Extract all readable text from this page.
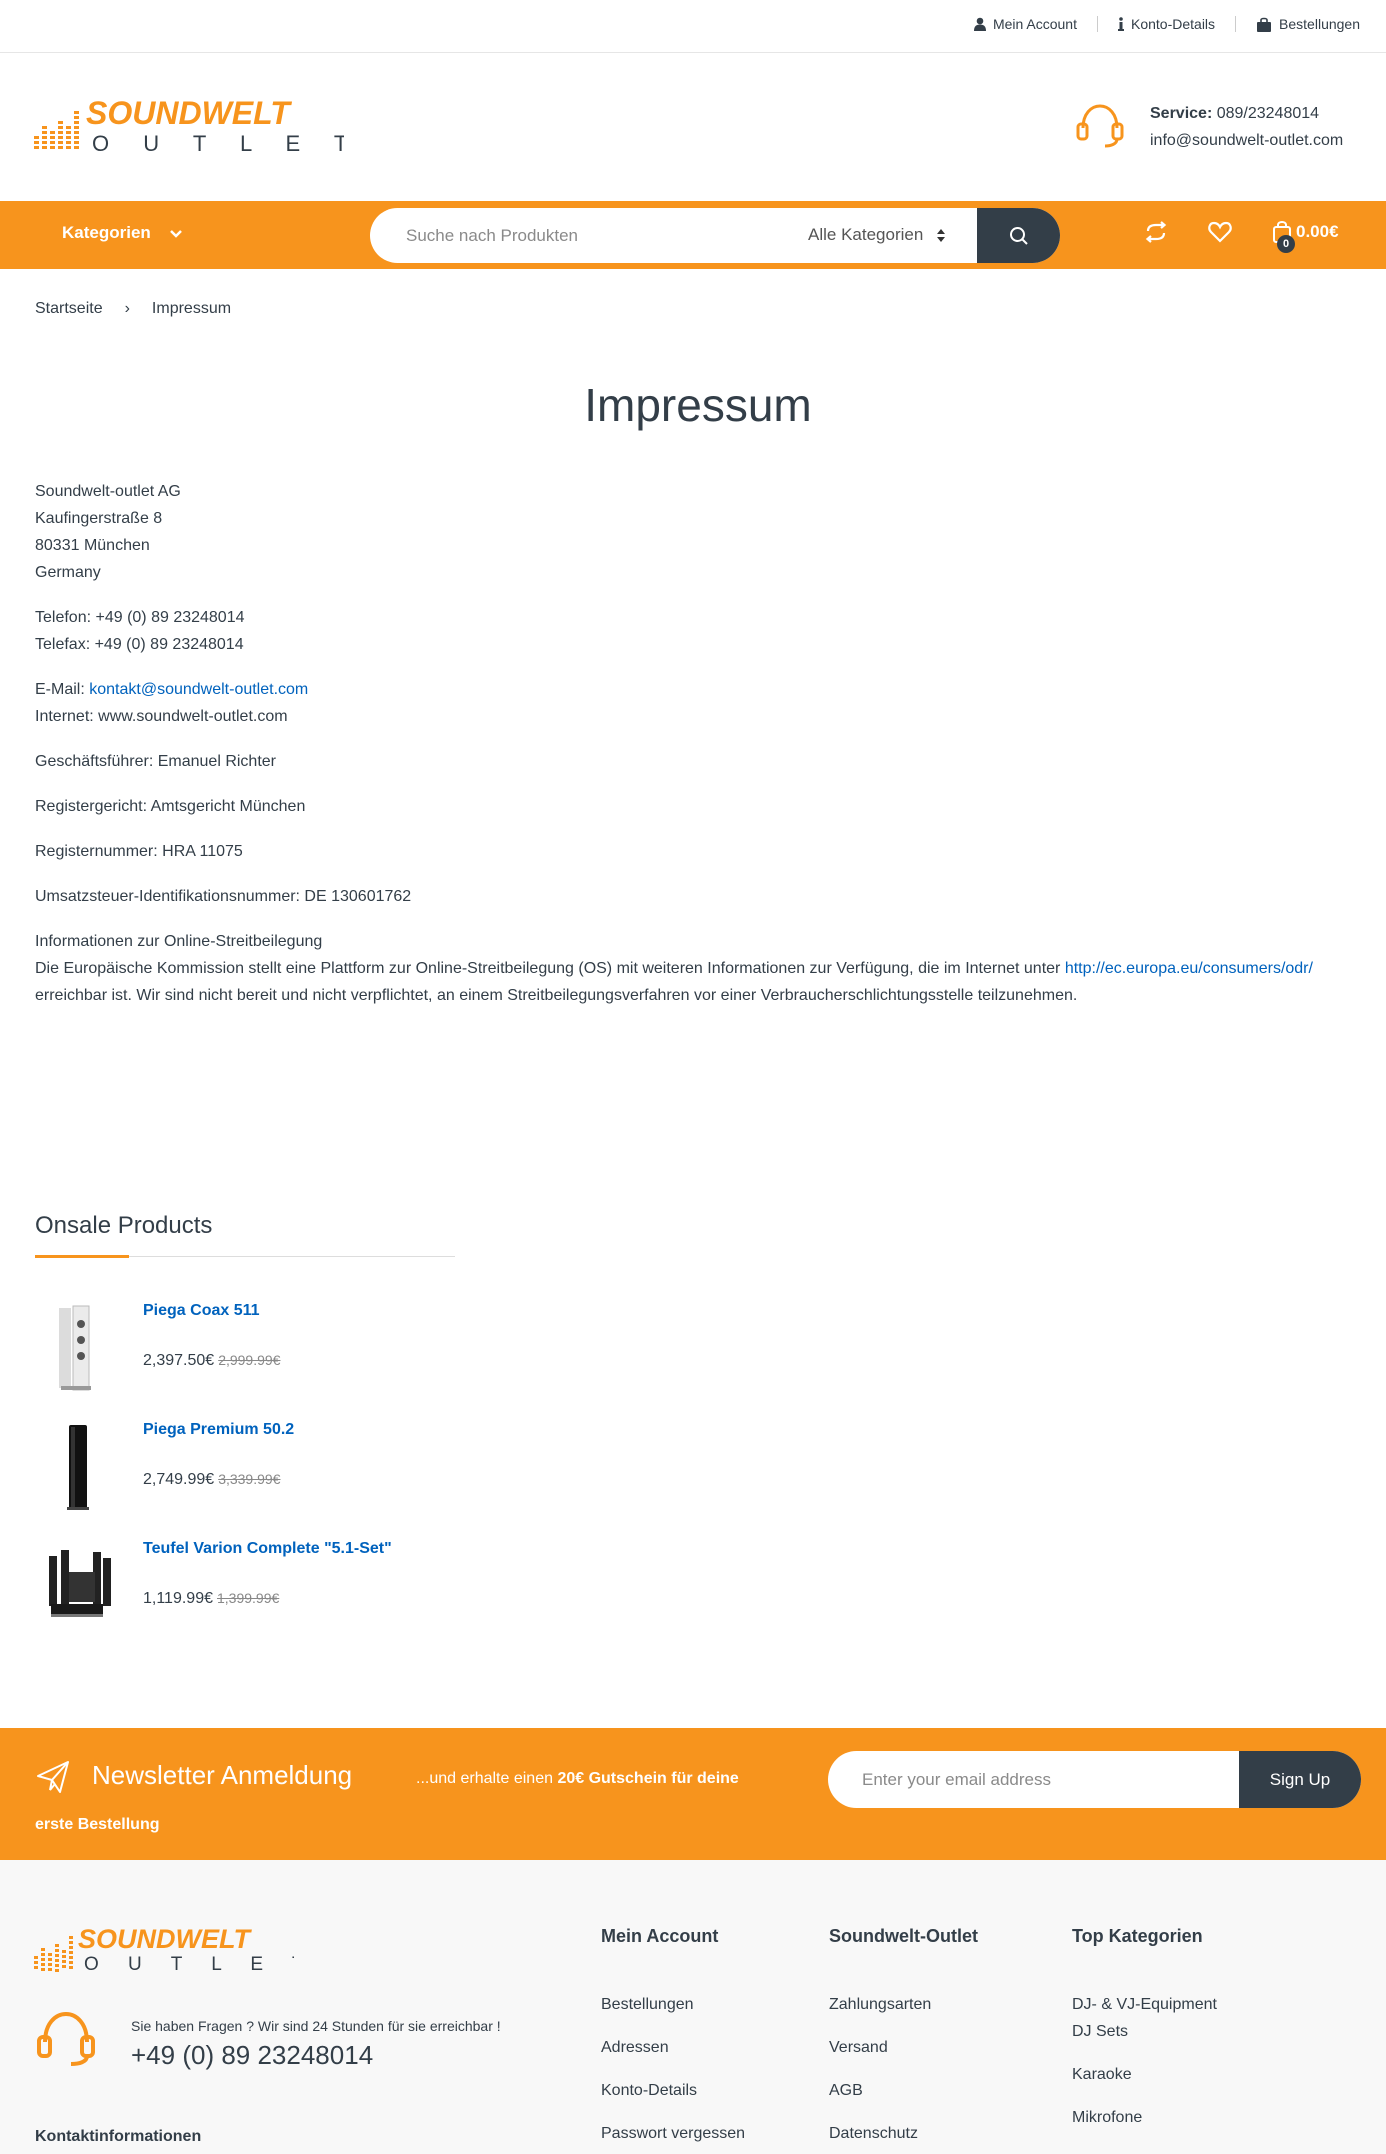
Mein Account	Konto-Details	Bestellungen
SOUNDWELT
O U T L E T
Service: 089/23248014
info@soundwelt-outlet.com
Kategorien
Suche nach Produkten	Alle Kategorien	0
0.00€
Startseite › Impressum
Impressum

Soundwelt-outlet AG
Kaufingerstraße 8
80331 München
Germany

Telefon: +49 (0) 89 23248014
Telefax: +49 (0) 89 23248014

E-Mail: kontakt@soundwelt-outlet.com
Internet: www.soundwelt-outlet.com

Geschäftsführer: Emanuel Richter

Registergericht: Amtsgericht München

Registernummer: HRA 11075

Umsatzsteuer-Identifikationsnummer: DE 130601762

Informationen zur Online-Streitbeilegung
Die Europäische Kommission stellt eine Plattform zur Online-Streitbeilegung (OS) mit weiteren Informationen zur Verfügung, die im Internet unter http://ec.europa.eu/consumers/odr/
erreichbar ist. Wir sind nicht bereit und nicht verpflichtet, an einem Streitbeilegungsverfahren vor einer Verbraucherschlichtungsstelle teilzunehmen.

Onsale Products
Piega Coax 511
2,397.50€ 2,999.99€
Piega Premium 50.2
2,749.99€ 3,339.99€
Teufel Varion Complete "5.1-Set"
1,119.99€ 1,399.99€
Newsletter Anmeldung	...und erhalte einen 20€ Gutschein für deine
erste Bestellung
Enter your email address
Sign Up
SOUNDWELT
O U T L E T
Sie haben Fragen ? Wir sind 24 Stunden für sie erreichbar !
+49 (0) 89 23248014
Kontaktinformationen
Mein Account
Bestellungen
Adressen
Konto-Details
Passwort vergessen
Soundwelt-Outlet
Zahlungsarten
Versand
AGB
Datenschutz
Top Kategorien
DJ- & VJ-Equipment
DJ Sets
Karaoke
Mikrofone
